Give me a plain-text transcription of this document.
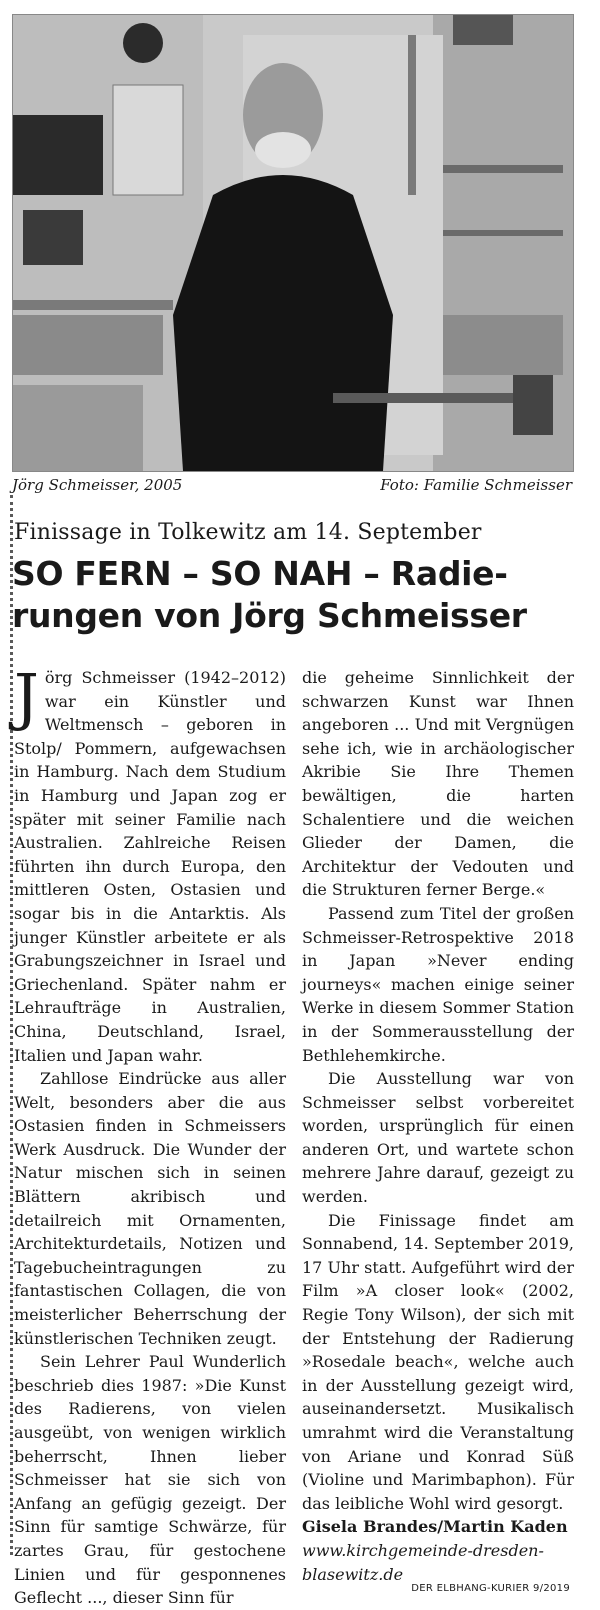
Jörg Schmeisser, 2005	Foto: Familie Schmeisser
Finissage in Tolkewitz am 14. September
SO FERN – SO NAH – Radie-
rungen von Jörg Schmeisser

Jörg Schmeisser (1942–2012) war ein Künstler und Weltmensch – geboren in Stolp/ Pommern, aufgewachsen in Hamburg. Nach dem Studium in Hamburg und Japan zog er später mit seiner Familie nach Australien. Zahlreiche Reisen führten ihn durch Europa, den mittleren Osten, Ostasien und sogar bis in die Antarktis. Als junger Künstler arbeitete er als Grabungszeichner in Israel und Griechenland. Später nahm er Lehraufträge in Australien, China, Deutschland, Israel, Italien und Japan wahr.

Zahllose Eindrücke aus aller Welt, besonders aber die aus Ostasien finden in Schmeissers Werk Ausdruck. Die Wunder der Natur mischen sich in seinen Blättern akribisch und detailreich mit Ornamenten, Architekturdetails, Notizen und Tagebucheintragungen zu fantastischen Collagen, die von meisterlicher Beherrschung der künstlerischen Techniken zeugt.

Sein Lehrer Paul Wunderlich beschrieb dies 1987: »Die Kunst des Radierens, von vielen ausgeübt, von wenigen wirklich beherrscht, Ihnen lieber Schmeisser hat sie sich von Anfang an gefügig gezeigt. Der Sinn für samtige Schwärze, für zartes Grau, für gestochene Linien und für gesponnenes Geflecht ..., dieser Sinn für

die geheime Sinnlichkeit der schwarzen Kunst war Ihnen angeboren ... Und mit Vergnügen sehe ich, wie in archäologischer Akribie Sie Ihre Themen bewältigen, die harten Schalentiere und die weichen Glieder der Damen, die Architektur der Vedouten und die Strukturen ferner Berge.«

Passend zum Titel der großen Schmeisser-Retrospektive 2018 in Japan »Never ending journeys« machen einige seiner Werke in diesem Sommer Station in der Sommerausstellung der Bethlehemkirche.

Die Ausstellung war von Schmeisser selbst vorbereitet worden, ursprünglich für einen anderen Ort, und wartete schon mehrere Jahre darauf, gezeigt zu werden.

Die Finissage findet am Sonnabend, 14. September 2019, 17 Uhr statt. Aufgeführt wird der Film »A closer look« (2002, Regie Tony Wilson), der sich mit der Entstehung der Radierung »Rosedale beach«, welche auch in der Ausstellung gezeigt wird, auseinandersetzt. Musikalisch umrahmt wird die Veranstaltung von Ariane und Konrad Süß (Violine und Marimbaphon). Für das leibliche Wohl wird gesorgt.

Gisela Brandes/Martin Kaden

www.kirchgemeinde-dresden-blasewitz.de

DER ELBHANG-KURIER 9/2019
